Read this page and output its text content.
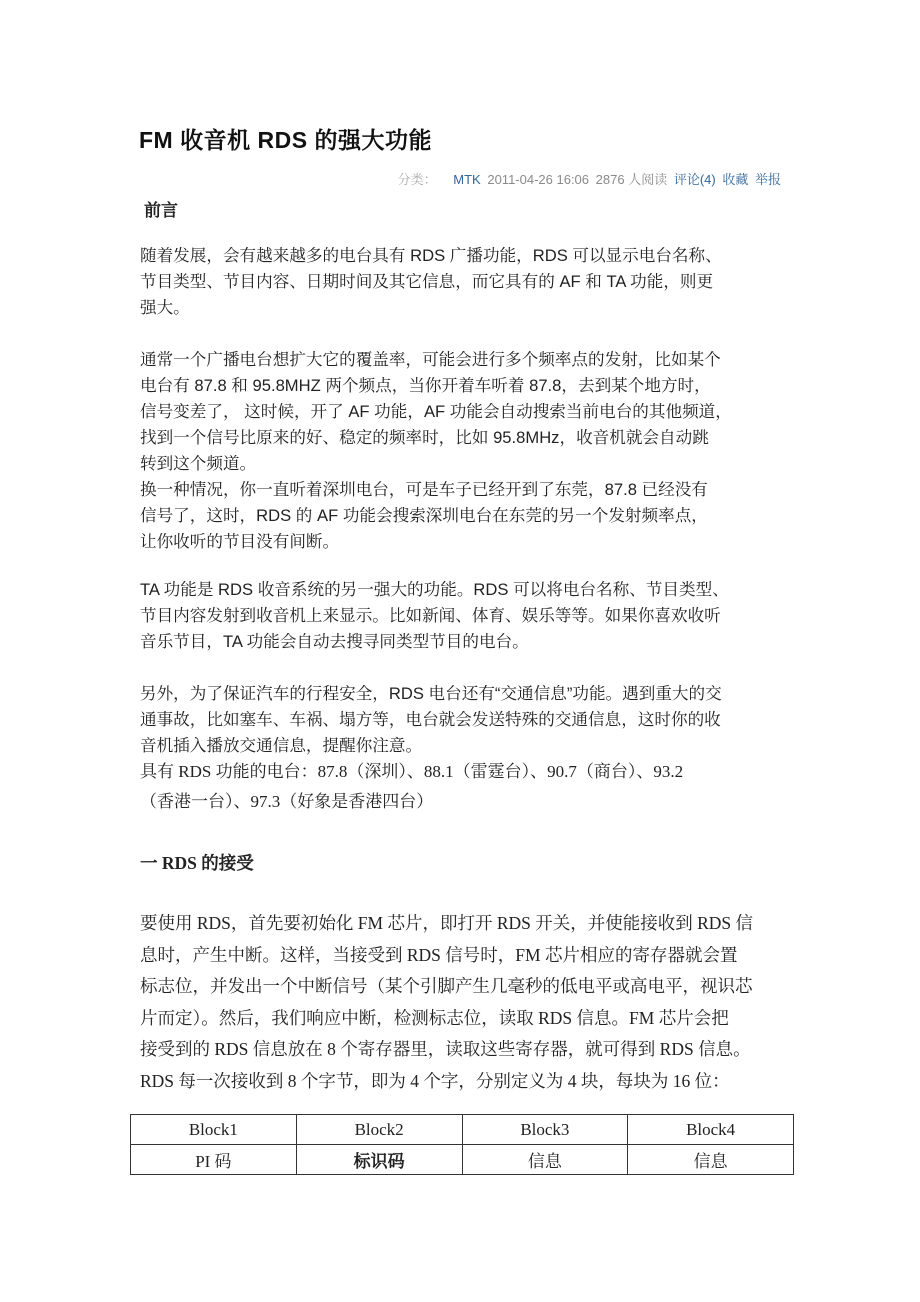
FM 收音机 RDS 的强大功能
分类： MTK 2011-04-26 16:06 2876 人阅读 评论(4) 收藏 举报
前言
随着发展，会有越来越多的电台具有 RDS 广播功能，RDS 可以显示电台名称、
节目类型、节目内容、日期时间及其它信息，而它具有的 AF 和 TA 功能，则更
强大。
通常一个广播电台想扩大它的覆盖率，可能会进行多个频率点的发射，比如某个
电台有 87.8 和 95.8MHZ 两个频点，当你开着车听着 87.8，去到某个地方时，
信号变差了， 这时候，开了 AF 功能，AF 功能会自动搜索当前电台的其他频道，
找到一个信号比原来的好、稳定的频率时，比如 95.8MHz，收音机就会自动跳
转到这个频道。
换一种情况，你一直听着深圳电台，可是车子已经开到了东莞，87.8 已经没有
信号了，这时，RDS 的 AF 功能会搜索深圳电台在东莞的另一个发射频率点，
让你收听的节目没有间断。
TA 功能是 RDS 收音系统的另一强大的功能。RDS 可以将电台名称、节目类型、
节目内容发射到收音机上来显示。比如新闻、体育、娱乐等等。如果你喜欢收听
音乐节目，TA 功能会自动去搜寻同类型节目的电台。
另外，为了保证汽车的行程安全，RDS 电台还有“交通信息”功能。遇到重大的交
通事故，比如塞车、车祸、塌方等，电台就会发送特殊的交通信息，这时你的收
音机插入播放交通信息，提醒你注意。
具有 RDS 功能的电台：87.8（深圳）、88.1（雷霆台）、90.7（商台）、93.2
（香港一台）、97.3（好象是香港四台）
一 RDS 的接受
要使用 RDS，首先要初始化 FM 芯片，即打开 RDS 开关，并使能接收到 RDS 信
息时，产生中断。这样，当接受到 RDS 信号时，FM 芯片相应的寄存器就会置
标志位，并发出一个中断信号（某个引脚产生几毫秒的低电平或高电平，视识芯
片而定）。然后，我们响应中断，检测标志位，读取 RDS 信息。FM 芯片会把
接受到的 RDS 信息放在 8 个寄存器里，读取这些寄存器，就可得到 RDS 信息。
RDS 每一次接收到 8 个字节，即为 4 个字，分别定义为 4 块，每块为 16 位：
Block1	Block2	Block3	Block4
PI 码	标识码	信息	信息
